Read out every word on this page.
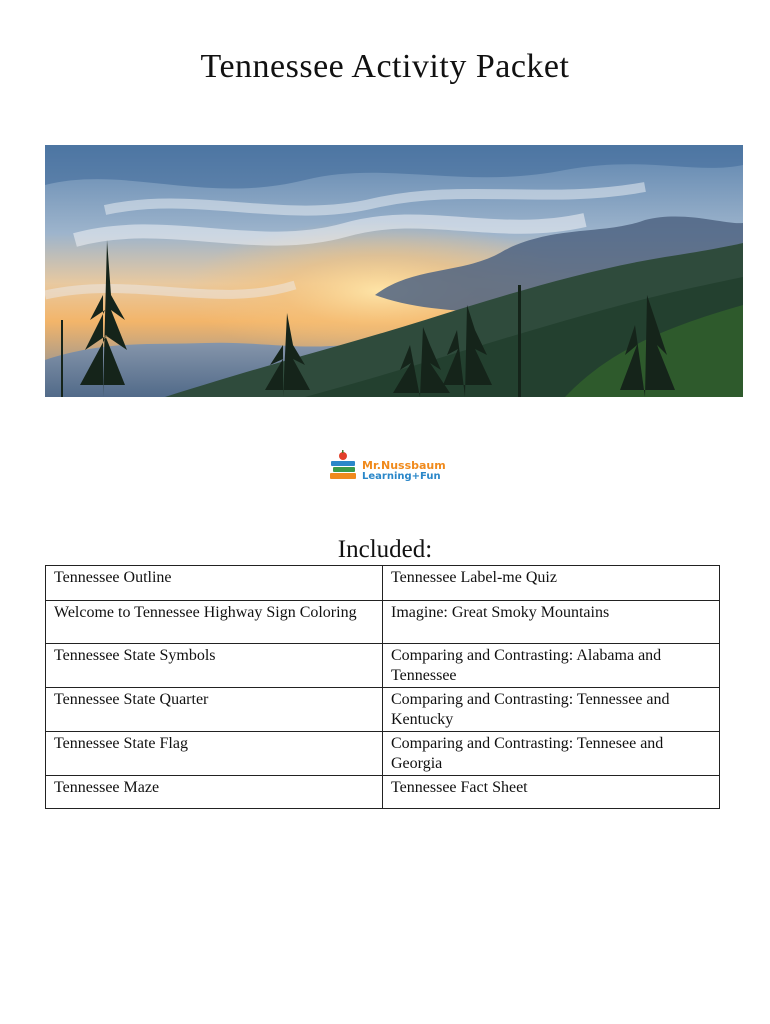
Tennessee Activity Packet
Mr.Nussbaum
Learning+Fun
Included:
Tennessee Outline	Tennessee Label-me Quiz
Welcome to Tennessee Highway Sign Coloring	Imagine: Great Smoky Mountains
Tennessee State Symbols	Comparing and Contrasting: Alabama and Tennessee
Tennessee State Quarter	Comparing and Contrasting: Tennessee and Kentucky
Tennessee State Flag	Comparing and Contrasting: Tennesee and Georgia
Tennessee Maze	Tennessee Fact Sheet
